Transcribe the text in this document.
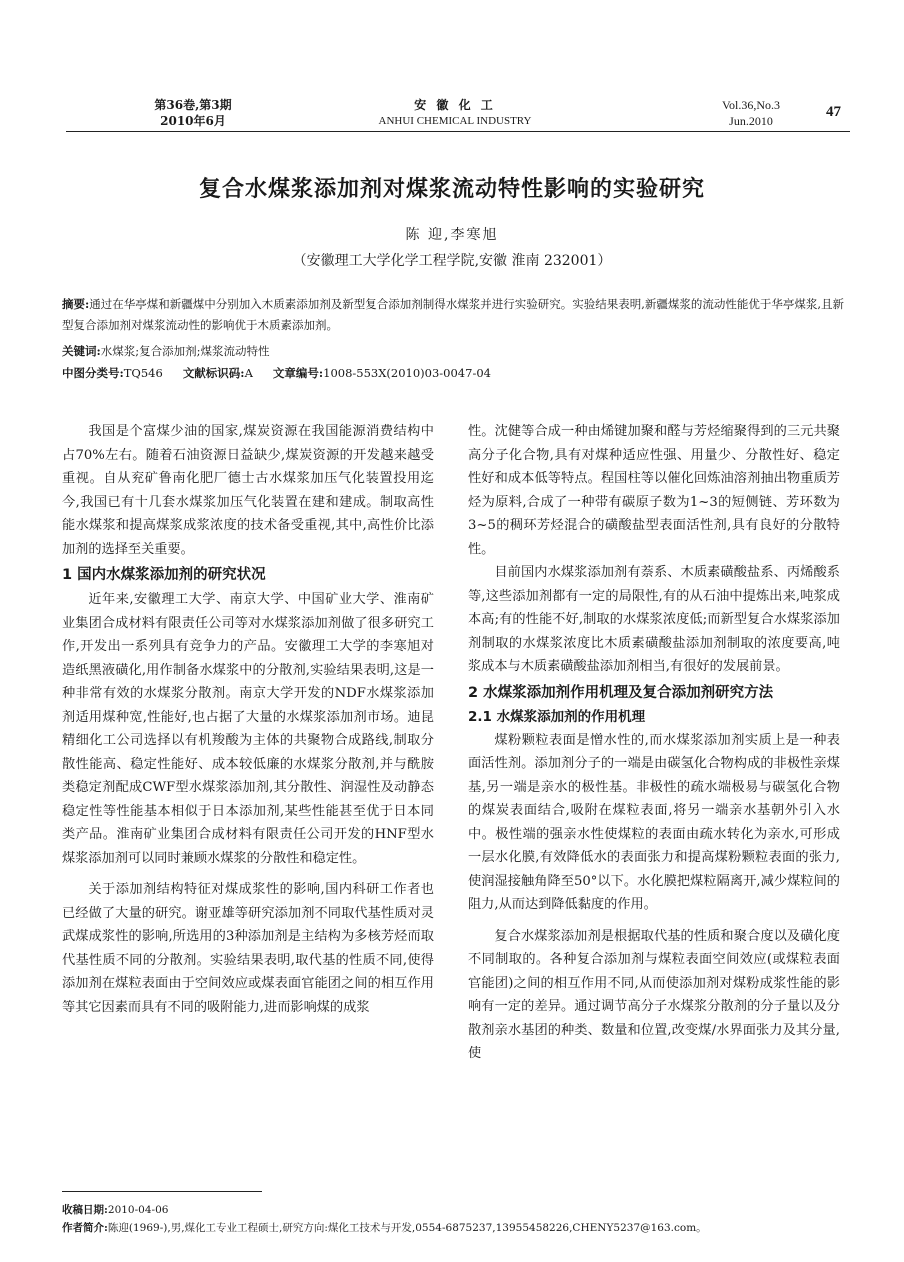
第36卷,第3期
2010年6月
安 徽 化 工
ANHUI CHEMICAL INDUSTRY
Vol.36,No.3
Jun.2010
47
复合水煤浆添加剂对煤浆流动特性影响的实验研究
陈 迎,李寒旭
（安徽理工大学化学工程学院,安徽 淮南 232001）
摘要:通过在华亭煤和新疆煤中分别加入木质素添加剂及新型复合添加剂制得水煤浆并进行实验研究。实验结果表明,新疆煤浆的流动性能优于华亭煤浆,且新型复合添加剂对煤浆流动性的影响优于木质素添加剂。
关键词:水煤浆;复合添加剂;煤浆流动特性
中图分类号:TQ546 文献标识码:A 文章编号:1008-553X(2010)03-0047-04

我国是个富煤少油的国家,煤炭资源在我国能源消费结构中占70%左右。随着石油资源日益缺少,煤炭资源的开发越来越受重视。自从兖矿鲁南化肥厂德士古水煤浆加压气化装置投用迄今,我国已有十几套水煤浆加压气化装置在建和建成。制取高性能水煤浆和提高煤浆成浆浓度的技术备受重视,其中,高性价比添加剂的选择至关重要。

1 国内水煤浆添加剂的研究状况

近年来,安徽理工大学、南京大学、中国矿业大学、淮南矿业集团合成材料有限责任公司等对水煤浆添加剂做了很多研究工作,开发出一系列具有竞争力的产品。安徽理工大学的李寒旭对造纸黑液磺化,用作制备水煤浆中的分散剂,实验结果表明,这是一种非常有效的水煤浆分散剂。南京大学开发的NDF水煤浆添加剂适用煤种宽,性能好,也占据了大量的水煤浆添加剂市场。迪昆精细化工公司选择以有机羧酸为主体的共聚物合成路线,制取分散性能高、稳定性能好、成本较低廉的水煤浆分散剂,并与酰胺类稳定剂配成CWF型水煤浆添加剂,其分散性、润湿性及动静态稳定性等性能基本相似于日本添加剂,某些性能甚至优于日本同类产品。淮南矿业集团合成材料有限责任公司开发的HNF型水煤浆添加剂可以同时兼顾水煤浆的分散性和稳定性。

关于添加剂结构特征对煤成浆性的影响,国内科研工作者也已经做了大量的研究。谢亚雄等研究添加剂不同取代基性质对灵武煤成浆性的影响,所选用的3种添加剂是主结构为多核芳烃而取代基性质不同的分散剂。实验结果表明,取代基的性质不同,使得添加剂在煤粒表面由于空间效应或煤表面官能团之间的相互作用等其它因素而具有不同的吸附能力,进而影响煤的成浆

性。沈健等合成一种由烯键加聚和醛与芳烃缩聚得到的三元共聚高分子化合物,具有对煤种适应性强、用量少、分散性好、稳定性好和成本低等特点。程国柱等以催化回炼油溶剂抽出物重质芳烃为原料,合成了一种带有碳原子数为1~3的短侧链、芳环数为3~5的稠环芳烃混合的磺酸盐型表面活性剂,具有良好的分散特性。

目前国内水煤浆添加剂有萘系、木质素磺酸盐系、丙烯酸系等,这些添加剂都有一定的局限性,有的从石油中提炼出来,吨浆成本高;有的性能不好,制取的水煤浆浓度低;而新型复合水煤浆添加剂制取的水煤浆浓度比木质素磺酸盐添加剂制取的浓度要高,吨浆成本与木质素磺酸盐添加剂相当,有很好的发展前景。

2 水煤浆添加剂作用机理及复合添加剂研究方法
2.1 水煤浆添加剂的作用机理

煤粉颗粒表面是憎水性的,而水煤浆添加剂实质上是一种表面活性剂。添加剂分子的一端是由碳氢化合物构成的非极性亲煤基,另一端是亲水的极性基。非极性的疏水端极易与碳氢化合物的煤炭表面结合,吸附在煤粒表面,将另一端亲水基朝外引入水中。极性端的强亲水性使煤粒的表面由疏水转化为亲水,可形成一层水化膜,有效降低水的表面张力和提高煤粉颗粒表面的张力,使润湿接触角降至50°以下。水化膜把煤粒隔离开,减少煤粒间的阻力,从而达到降低黏度的作用。

复合水煤浆添加剂是根据取代基的性质和聚合度以及磺化度不同制取的。各种复合添加剂与煤粒表面空间效应(或煤粒表面官能团)之间的相互作用不同,从而使添加剂对煤粉成浆性能的影响有一定的差异。通过调节高分子水煤浆分散剂的分子量以及分散剂亲水基团的种类、数量和位置,改变煤/水界面张力及其分量,使

收稿日期:2010-04-06
作者简介:陈迎(1969-),男,煤化工专业工程硕士,研究方向:煤化工技术与开发,0554-6875237,13955458226,CHENY5237@163.com。
